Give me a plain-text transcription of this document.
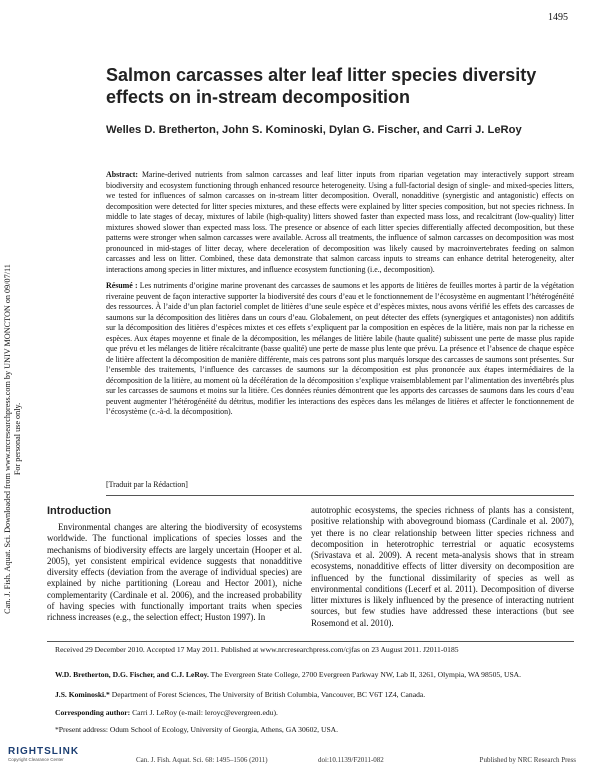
1495
Salmon carcasses alter leaf litter species diversity effects on in-stream decomposition
Welles D. Bretherton, John S. Kominoski, Dylan G. Fischer, and Carri J. LeRoy

Abstract: Marine-derived nutrients from salmon carcasses and leaf litter inputs from riparian vegetation may interactively support stream biodiversity and ecosystem functioning through enhanced resource heterogeneity. Using a full-factorial design of single- and mixed-species litters, we tested for influences of salmon carcasses on in-stream litter decomposition. Overall, nonadditive (synergistic and antagonistic) effects on decomposition were detected for litter species mixtures, and these effects were explained by litter species composition, but not species richness. In middle to late stages of decay, mixtures of labile (high-quality) litters showed faster than expected mass loss, and recalcitrant (low-quality) litter mixtures showed slower than expected mass loss. The presence or absence of each litter species differentially affected decomposition, but these patterns were stronger when salmon carcasses were available. Across all treatments, the influence of salmon carcasses on decomposition was most pronounced in mid-stages of litter decay, where deceleration of decomposition was likely caused by macroinvertebrates feeding on salmon carcasses and less on litter. Combined, these data demonstrate that salmon carcass inputs to streams can enhance detrital heterogeneity, alter interactions among species in litter mixtures, and influence ecosystem functioning (i.e., decomposition).

Résumé : Les nutriments d’origine marine provenant des carcasses de saumons et les apports de litières de feuilles mortes à partir de la végétation riveraine peuvent de façon interactive supporter la biodiversité des cours d’eau et le fonctionnement de l’écosystème en augmentant l’hétérogénéité des ressources. À l’aide d’un plan factoriel complet de litières d’une seule espèce et d’espèces mixtes, nous avons vérifié les effets des carcasses de saumons sur la décomposition des litières dans un cours d’eau. Globalement, on peut détecter des effets (synergiques et antagonistes) non additifs sur la décomposition des litières d’espèces mixtes et ces effets s’expliquent par la composition en espèces de la litière, mais non par la richesse en espèces. Aux étapes moyenne et finale de la décomposition, les mélanges de litière labile (haute qualité) subissent une perte de masse plus rapide que prévu et les mélanges de litière récalcitrante (basse qualité) une perte de masse plus lente que prévu. La présence et l’absence de chaque espèce de litière affectent la décomposition de manière différente, mais ces patrons sont plus marqués lorsque des carcasses de saumons sont présentes. Sur l’ensemble des traitements, l’influence des carcasses de saumons sur la décomposition est plus prononcée aux étapes intermédiaires de la décomposition de la litière, au moment où la décélération de la décomposition s’explique vraisemblablement par l’alimentation des invertébrés plus sur les carcasses de saumons et moins sur la litière. Ces données réunies démontrent que les apports des carcasses de saumons dans les cours d’eau peuvent augmenter l’hétérogénéité du détritus, modifier les interactions des espèces dans les mélanges de litières et affecter le fonctionnement de l’écosystème (c.-à-d. la décomposition).

[Traduit par la Rédaction]

Introduction

Environmental changes are altering the biodiversity of ecosystems worldwide. The functional implications of species losses and the mechanisms of biodiversity effects are largely uncertain (Hooper et al. 2005), yet consistent empirical evidence suggests that nonadditive diversity effects (deviation from the average of individual species) are explained by niche partitioning (Loreau and Hector 2001), niche complementarity (Cardinale et al. 2006), and the increased probability of having species with functionally important traits when species richness increases (e.g., the selection effect; Huston 1997). In

autotrophic ecosystems, the species richness of plants has a consistent, positive relationship with aboveground biomass (Cardinale et al. 2007), yet there is no clear relationship between litter species richness and decomposition in heterotrophic terrestrial or aquatic ecosystems (Srivastava et al. 2009). A recent meta-analysis shows that in stream ecosystems, nonadditive effects of litter diversity on decomposition are influenced by the functional dissimilarity of species as well as environmental conditions (Lecerf et al. 2011). Decomposition of diverse litter mixtures is likely influenced by the presence of interacting nutrient sources, but few studies have addressed these interactions (but see Rosemond et al. 2010).

Received 29 December 2010. Accepted 17 May 2011. Published at www.nrcresearchpress.com/cjfas on 23 August 2011. J2011-0185

W.D. Bretherton, D.G. Fischer, and C.J. LeRoy. The Evergreen State College, 2700 Evergreen Parkway NW, Lab II, 3261, Olympia, WA 98505, USA.

J.S. Kominoski.* Department of Forest Sciences, The University of British Columbia, Vancouver, BC V6T 1Z4, Canada.

Corresponding author: Carri J. LeRoy (e-mail: leroyc@evergreen.edu).

*Present address: Odum School of Ecology, University of Georgia, Athens, GA 30602, USA.

Can. J. Fish. Aquat. Sci. 68: 1495–1506 (2011)	doi:10.1139/F2011-082	Published by NRC Research Press
Can. J. Fish. Aquat. Sci. Downloaded from www.nrcresearchpress.com by UNIV MONCTON on 09/07/11 For personal use only.
RIGHTSLINK
Copyright Clearance Center
